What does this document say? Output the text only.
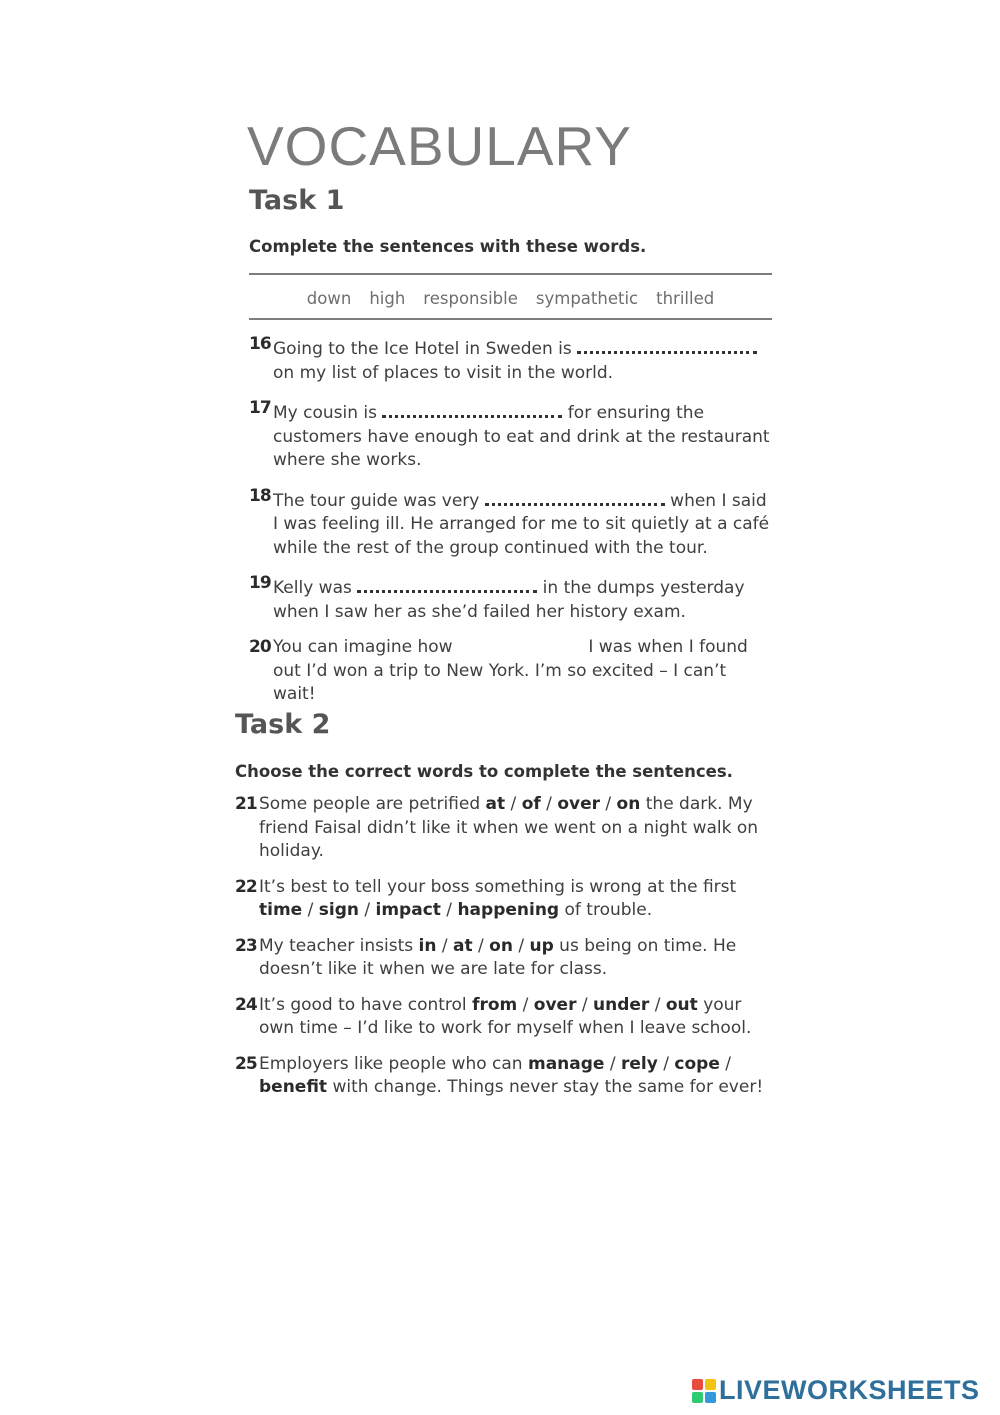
VOCABULARY
Task 1
Complete the sentences with these words.
down high responsible sympathetic thrilled
16 Going to the Ice Hotel in Sweden is  on my list of places to visit in the world.
17 My cousin is	for ensuring the customers have enough to eat and drink at the restaurant where she works.
18 The tour guide was very	when I said I was feeling ill. He arranged for me to sit quietly at a café while the rest of the group continued with the tour.
19 Kelly was	in the dumps yesterday when I saw her as she’d failed her history exam.
20 You can imagine how	I was when I found out I’d won a trip to New York. I’m so excited – I can’t wait!
Task 2
Choose the correct words to complete the sentences.
21 Some people are petrified at / of / over / on the dark. My friend Faisal didn’t like it when we went on a night walk on holiday.
22 It’s best to tell your boss something is wrong at the first time / sign / impact / happening of trouble.
23 My teacher insists in / at / on / up us being on time. He doesn’t like it when we are late for class.
24 It’s good to have control from / over / under / out your own time – I’d like to work for myself when I leave school.
25 Employers like people who can manage / rely / cope / benefit with change. Things never stay the same for ever!
LIVEWORKSHEETS
